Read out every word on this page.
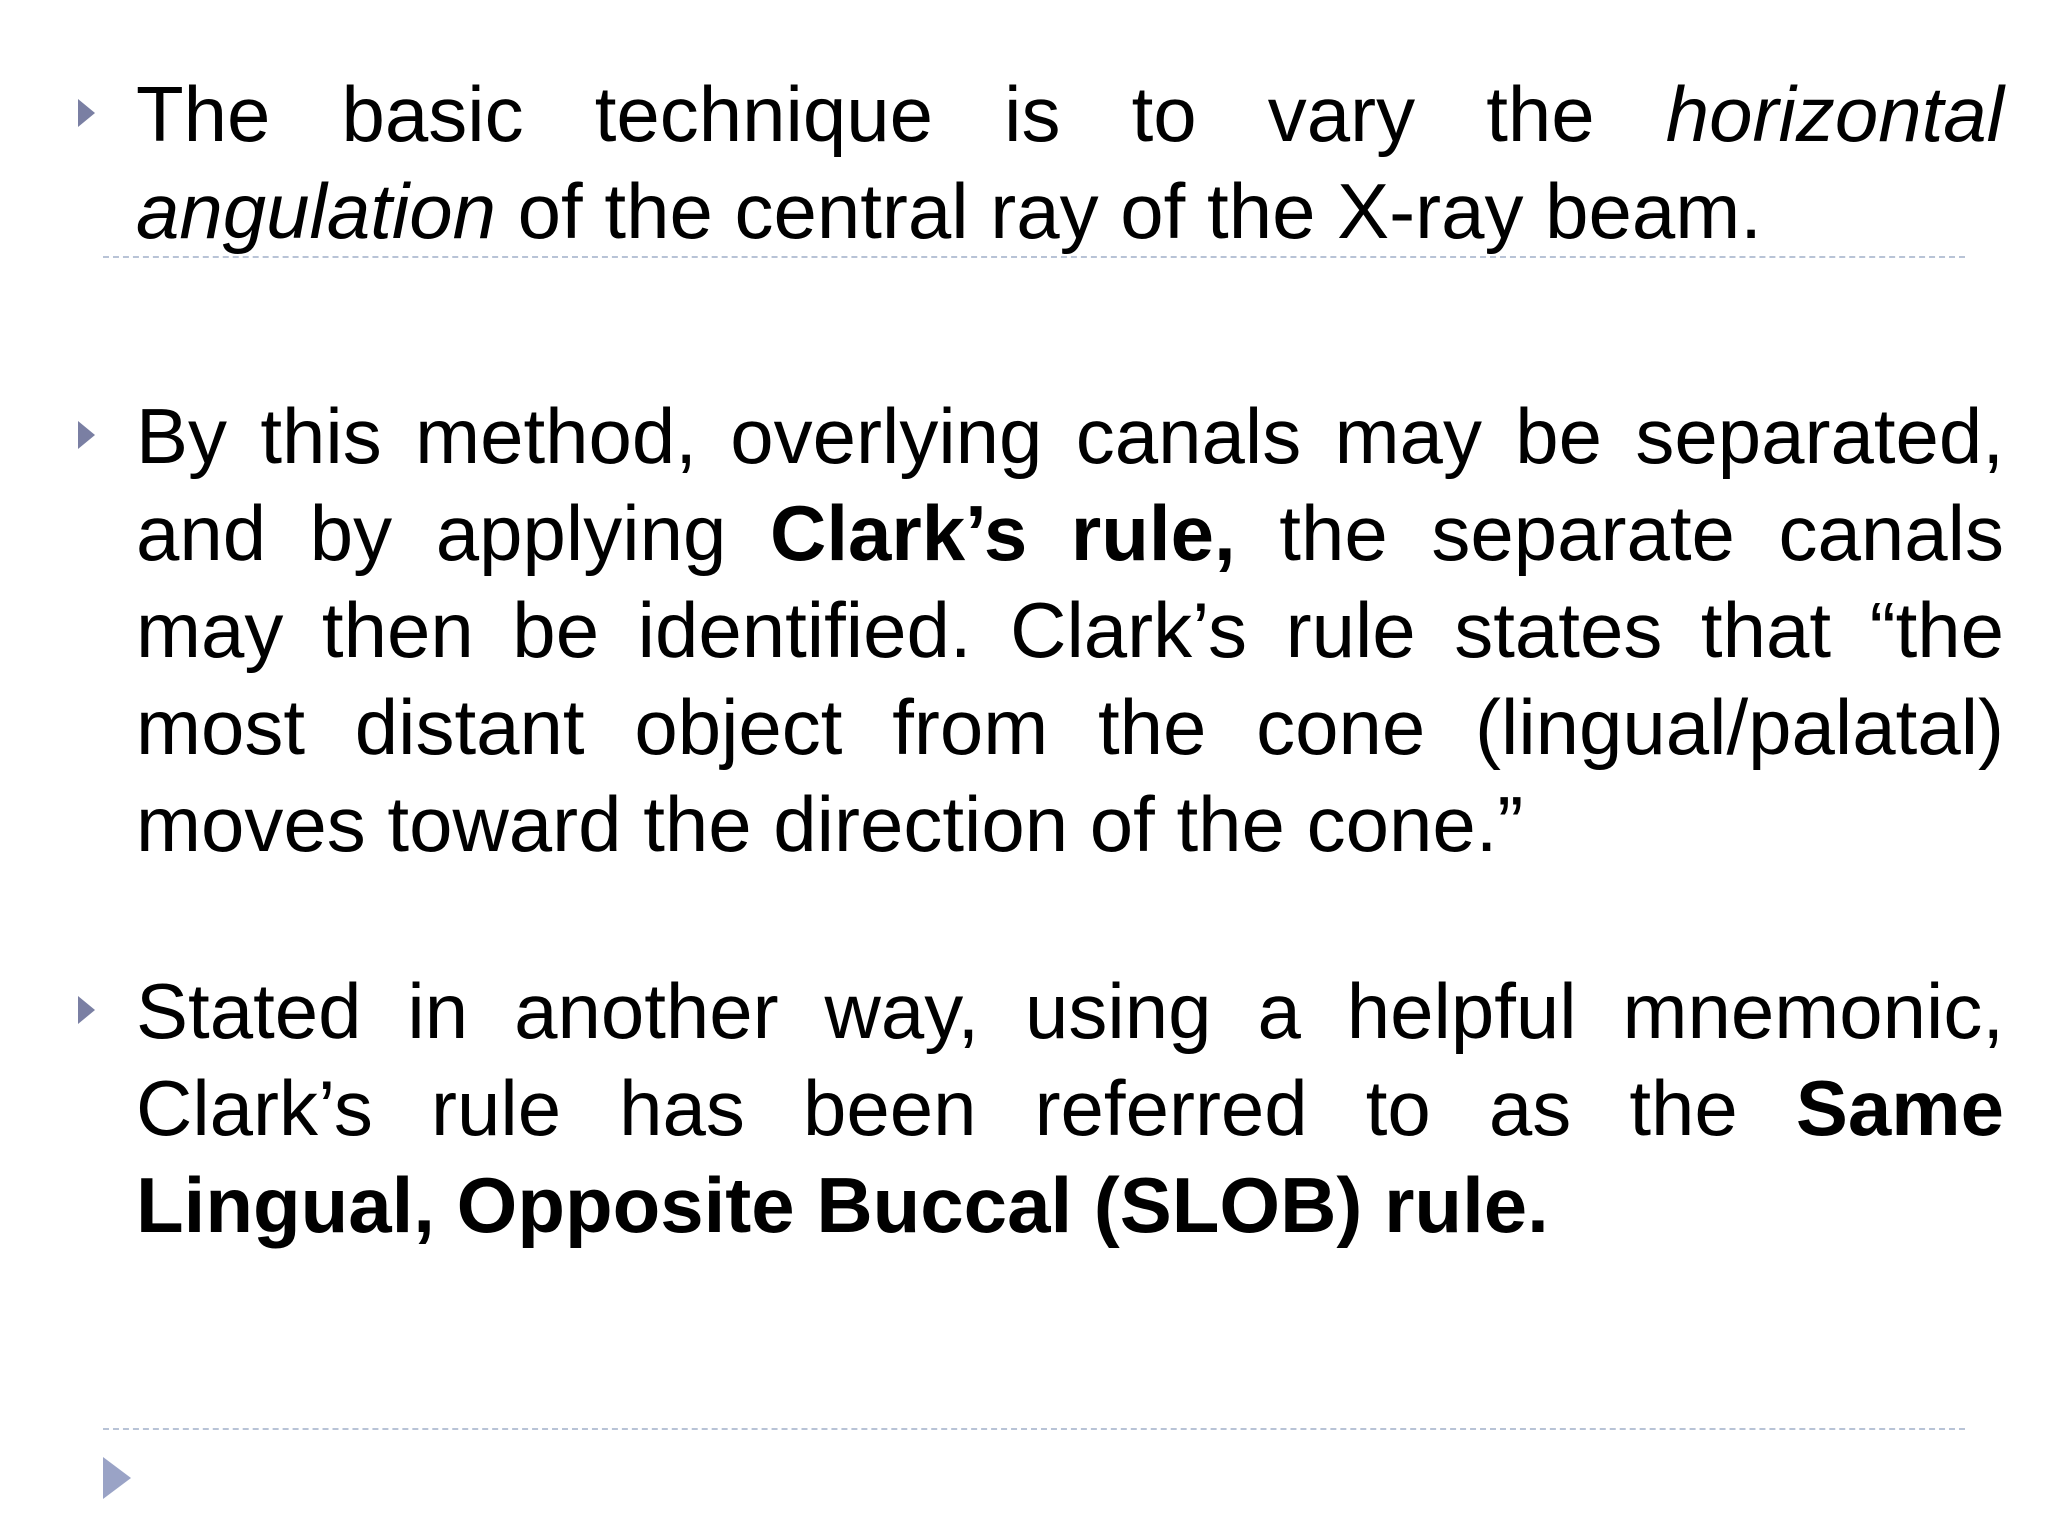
The basic technique is to vary the horizontal
angulation of the central ray of the X-ray beam.

By this method, overlying canals may be separated,
and by applying Clark’s rule, the separate canals
may then be identified. Clark’s rule states that “the
most distant object from the cone (lingual/palatal)
moves toward the direction of the cone.”

Stated in another way, using a helpful mnemonic,
Clark’s rule has been referred to as the Same
Lingual, Opposite Buccal (SLOB) rule.
